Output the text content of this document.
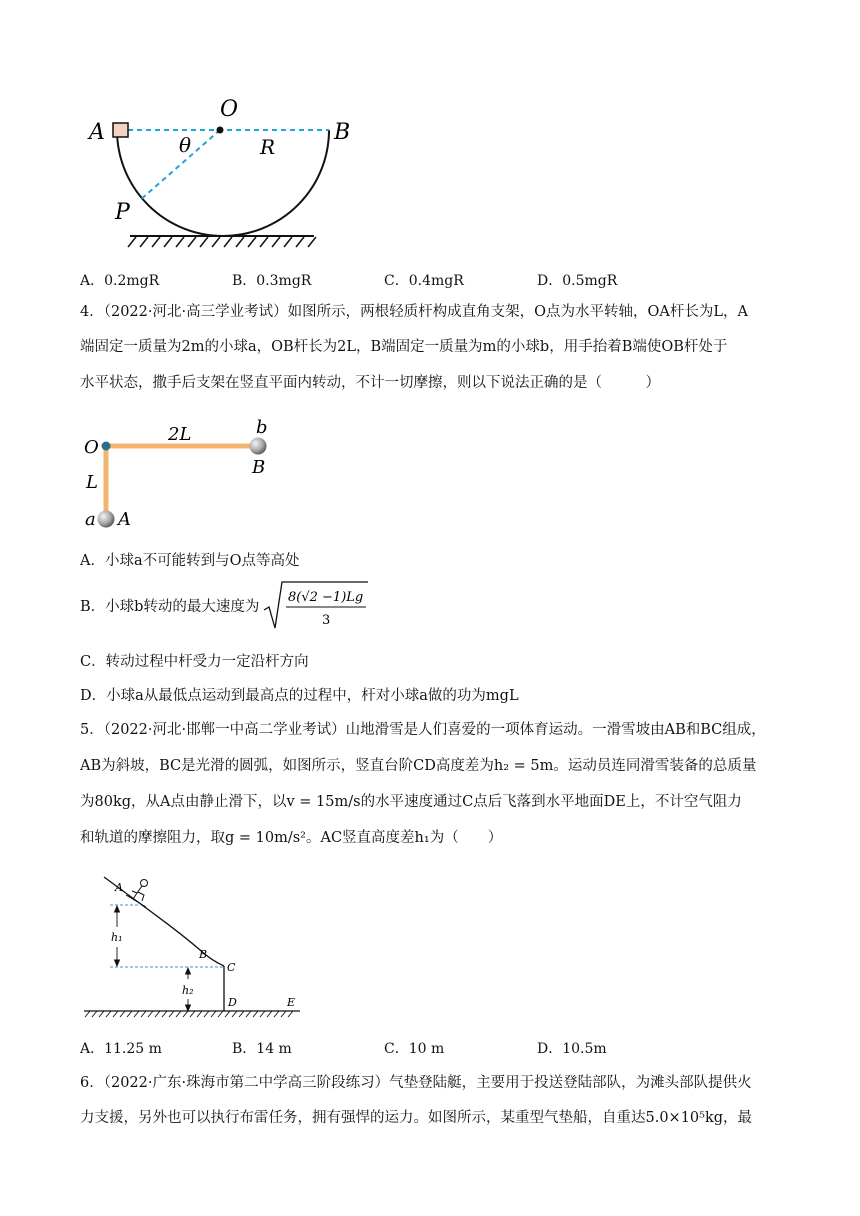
A
O
B
θ	R
P
A．0.2mgR	B．0.3mgR	C．0.4mgR	D．0.5mgR
4．（2022·河北·高三学业考试）如图所示，两根轻质杆构成直角支架，O点为水平转轴，OA杆长为L，A
端固定一质量为2m的小球a，OB杆长为2L，B端固定一质量为m的小球b，用手抬着B端使OB杆处于
水平状态，撒手后支架在竖直平面内转动，不计一切摩擦，则以下说法正确的是（　　　）
O
2L	b
B
L
a A
A．小球a不可能转到与O点等高处
B．小球b转动的最大速度为
8(√2 −1)Lg
3
C．转动过程中杆受力一定沿杆方向
D．小球a从最低点运动到最高点的过程中，杆对小球a做的功为mgL
5．（2022·河北·邯郸一中高二学业考试）山地滑雪是人们喜爱的一项体育运动。一滑雪坡由AB和BC组成，
AB为斜坡，BC是光滑的圆弧，如图所示，竖直台阶CD高度差为h₂ = 5m。运动员连同滑雪装备的总质量
为80kg，从A点由静止滑下，以v = 15m/s的水平速度通过C点后飞落到水平地面DE上，不计空气阻力
和轨道的摩擦阻力，取g = 10m/s²。AC竖直高度差h₁为（　　）
A
h₁
B
C
h₂
D	E
A．11.25 m	B．14 m	C．10 m	D．10.5m
6．（2022·广东·珠海市第二中学高三阶段练习）气垫登陆艇，主要用于投送登陆部队，为滩头部队提供火
力支援，另外也可以执行布雷任务，拥有强悍的运力。如图所示，某重型气垫船，自重达5.0×10⁵kg，最
